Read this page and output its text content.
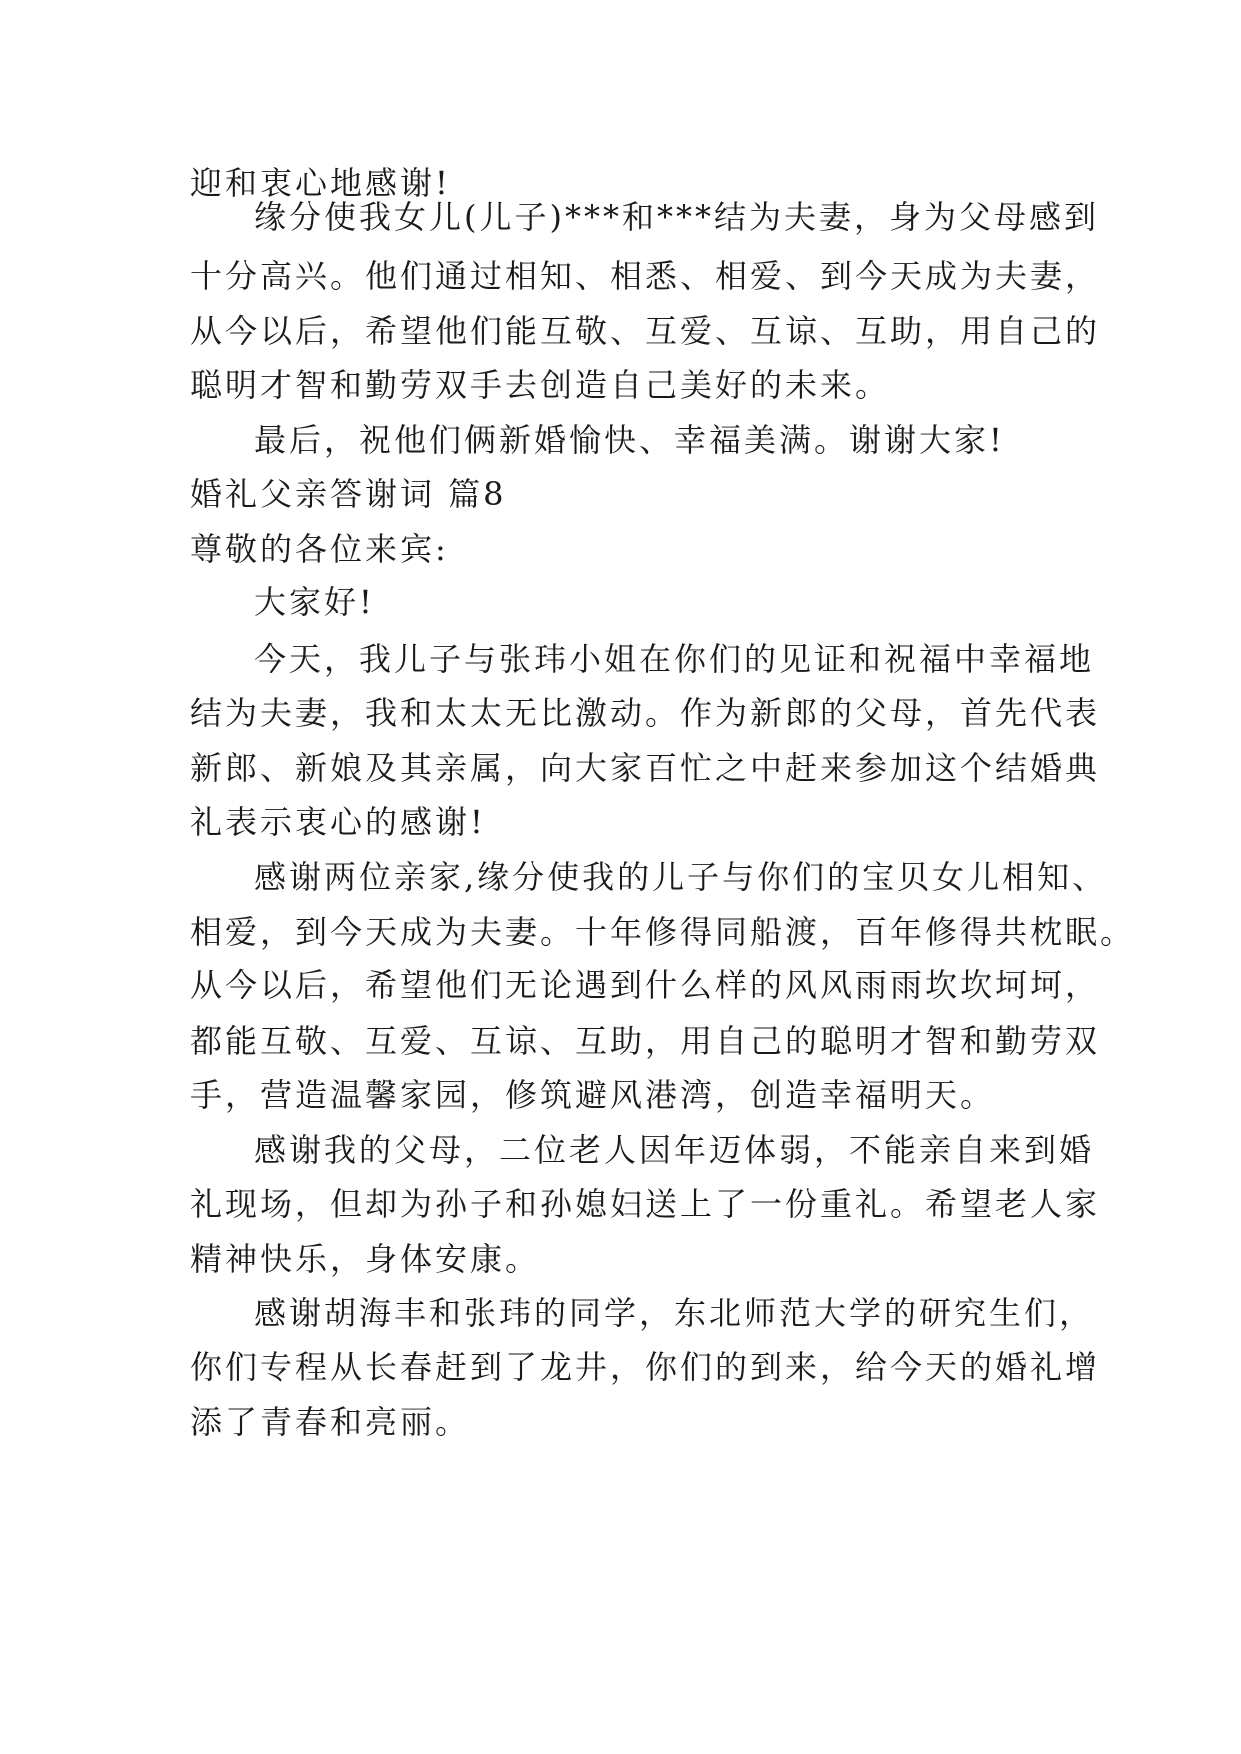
迎和衷心地感谢!

缘分使我女儿(儿子)***和***结为夫妻，身为父母感到

十分高兴。他们通过相知、相悉、相爱、到今天成为夫妻，

从今以后，希望他们能互敬、互爱、互谅、互助，用自己的

聪明才智和勤劳双手去创造自己美好的未来。

最后，祝他们俩新婚愉快、幸福美满。谢谢大家!

婚礼父亲答谢词 篇8

尊敬的各位来宾:

大家好!

今天，我儿子与张玮小姐在你们的见证和祝福中幸福地

结为夫妻，我和太太无比激动。作为新郎的父母，首先代表

新郎、新娘及其亲属，向大家百忙之中赶来参加这个结婚典

礼表示衷心的感谢!

感谢两位亲家,缘分使我的儿子与你们的宝贝女儿相知、

相爱，到今天成为夫妻。十年修得同船渡，百年修得共枕眠。

从今以后，希望他们无论遇到什么样的风风雨雨坎坎坷坷，

都能互敬、互爱、互谅、互助，用自己的聪明才智和勤劳双

手，营造温馨家园，修筑避风港湾，创造幸福明天。

感谢我的父母，二位老人因年迈体弱，不能亲自来到婚

礼现场，但却为孙子和孙媳妇送上了一份重礼。希望老人家

精神快乐，身体安康。

感谢胡海丰和张玮的同学，东北师范大学的研究生们，

你们专程从长春赶到了龙井，你们的到来，给今天的婚礼增

添了青春和亮丽。
